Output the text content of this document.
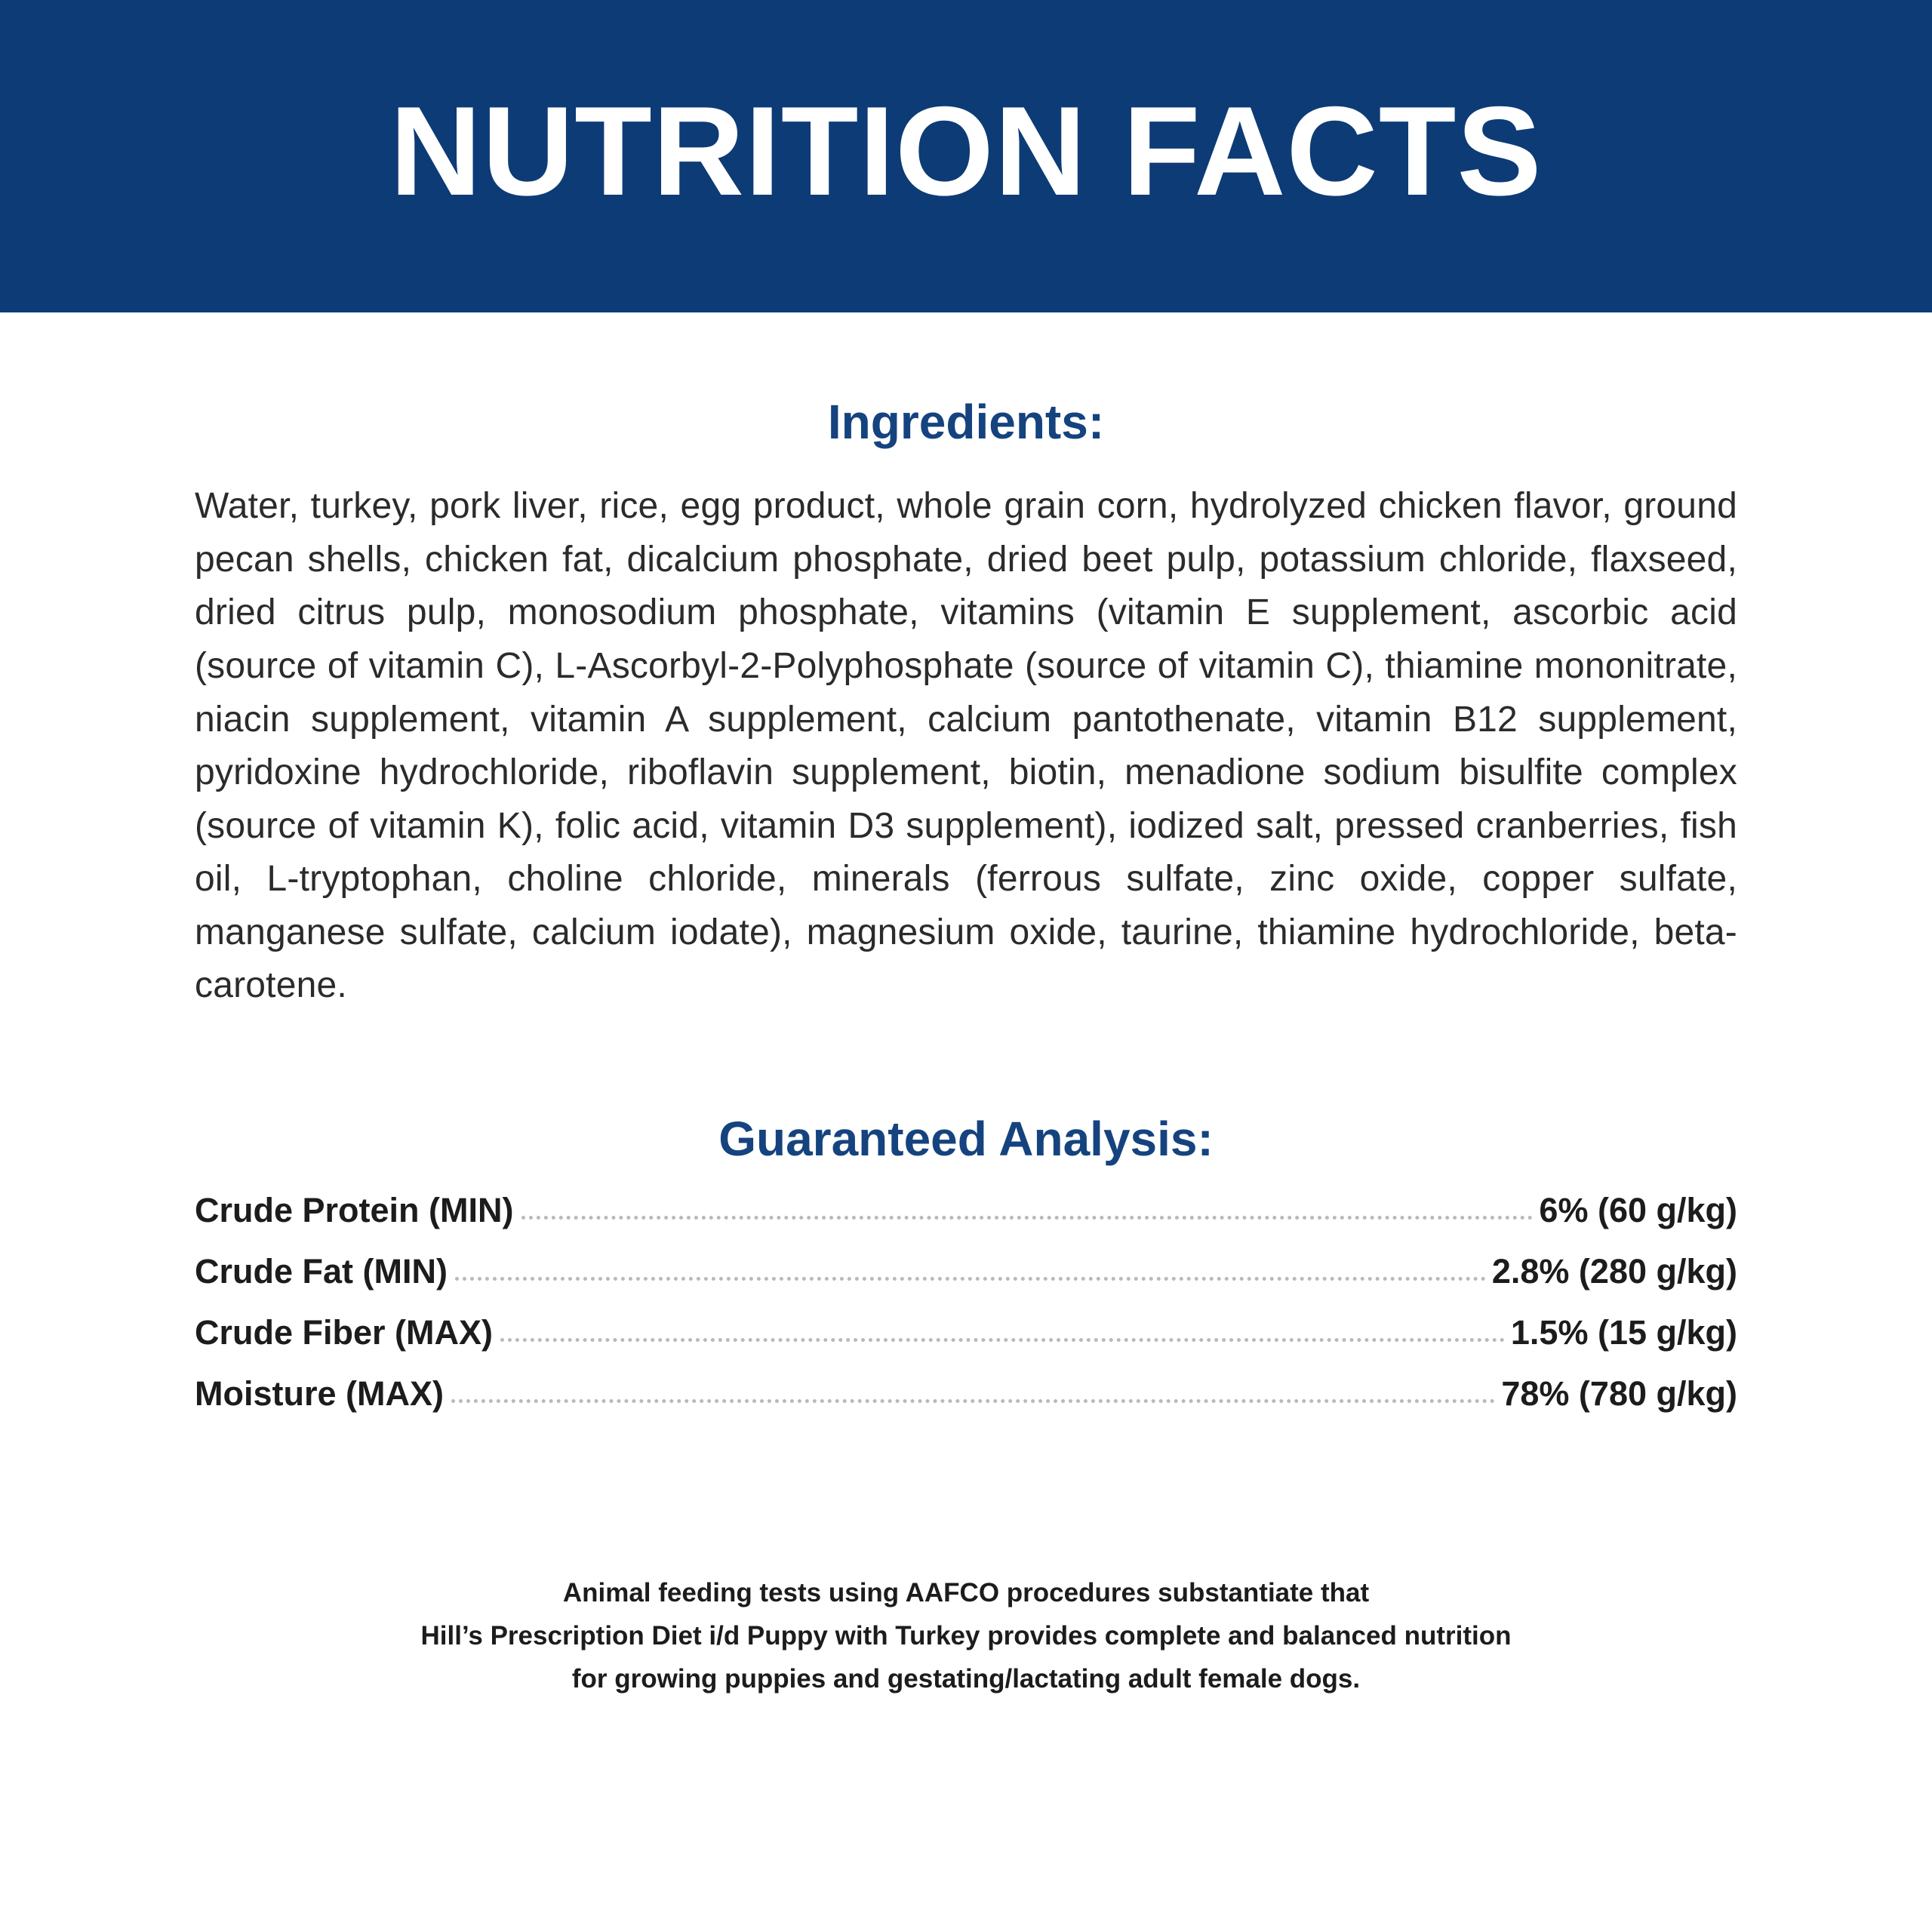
NUTRITION FACTS
Ingredients:

Water, turkey, pork liver, rice, egg product, whole grain corn, hydrolyzed chicken flavor, ground pecan shells, chicken fat, dicalcium phosphate, dried beet pulp, potassium chloride, flaxseed, dried citrus pulp, monosodium phosphate, vitamins (vitamin E supplement, ascorbic acid (source of vitamin C), L-Ascorbyl-2-Polyphosphate (source of vitamin C), thiamine mononitrate, niacin supplement, vitamin A supplement, calcium pantothenate, vitamin B12 supplement, pyridoxine hydrochloride, riboflavin supplement, biotin, menadione sodium bisulfite complex (source of vitamin K), folic acid, vitamin D3 supplement), iodized salt, pressed cranberries, fish oil, L-tryptophan, choline chloride, minerals (ferrous sulfate, zinc oxide, copper sulfate, manganese sulfate, calcium iodate), magnesium oxide, taurine, thiamine hydrochloride, beta-carotene.

Guaranteed Analysis:
Crude Protein (MIN)	6% (60 g/kg)
Crude Fat (MIN)	2.8% (280 g/kg)
Crude Fiber (MAX)	1.5% (15 g/kg)
Moisture (MAX)	78% (780 g/kg)
Animal feeding tests using AAFCO procedures substantiate that
Hill’s Prescription Diet i/d Puppy with Turkey provides complete and balanced nutrition
for growing puppies and gestating/lactating adult female dogs.
